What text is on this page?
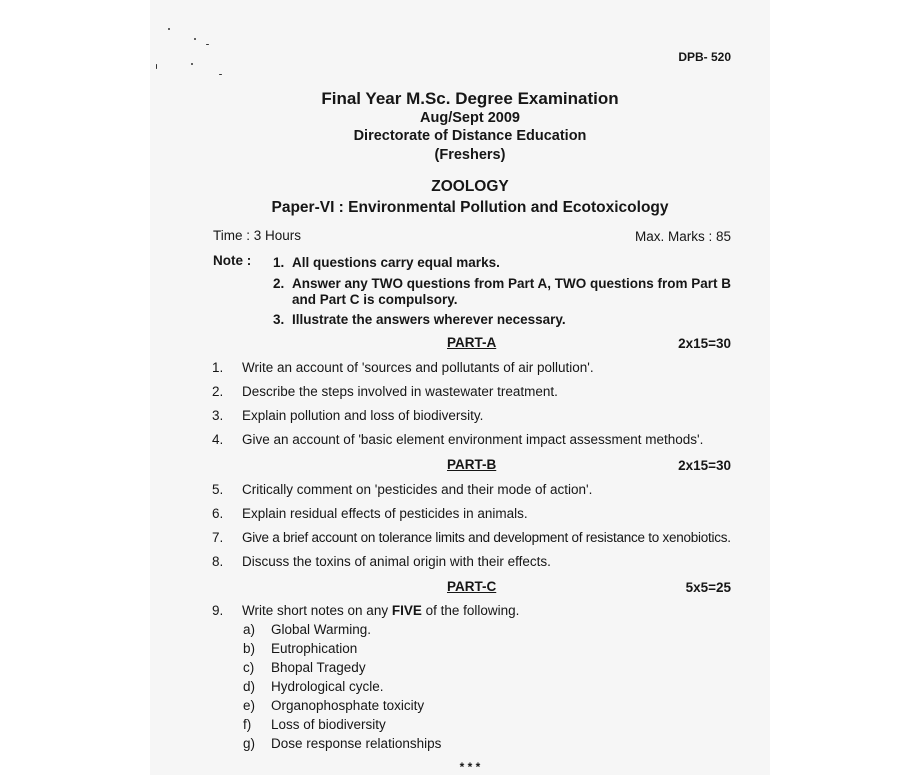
DPB- 520
Final Year M.Sc. Degree Examination
Aug/Sept 2009
Directorate of Distance Education
(Freshers)
ZOOLOGY
Paper-VI : Environmental Pollution and Ecotoxicology
Time : 3 Hours	Max. Marks : 85
Note : 1. All questions carry equal marks.
2. Answer any TWO questions from Part A, TWO questions from Part B
and Part C is compulsory.
3. Illustrate the answers wherever necessary.
PART-A	2x15=30
1. Write an account of 'sources and pollutants of air pollution'.
2. Describe the steps involved in wastewater treatment.
3. Explain pollution and loss of biodiversity.
4. Give an account of 'basic element environment impact assessment methods'.
PART-B	2x15=30
5. Critically comment on 'pesticides and their mode of action'.
6. Explain residual effects of pesticides in animals.
7. Give a brief account on tolerance limits and development of resistance to xenobiotics.
8. Discuss the toxins of animal origin with their effects.
PART-C	5x5=25
9. Write short notes on any FIVE of the following.
a) Global Warming.
b) Eutrophication
c) Bhopal Tragedy
d) Hydrological cycle.
e) Organophosphate toxicity
f) Loss of biodiversity
g) Dose response relationships
* * *
